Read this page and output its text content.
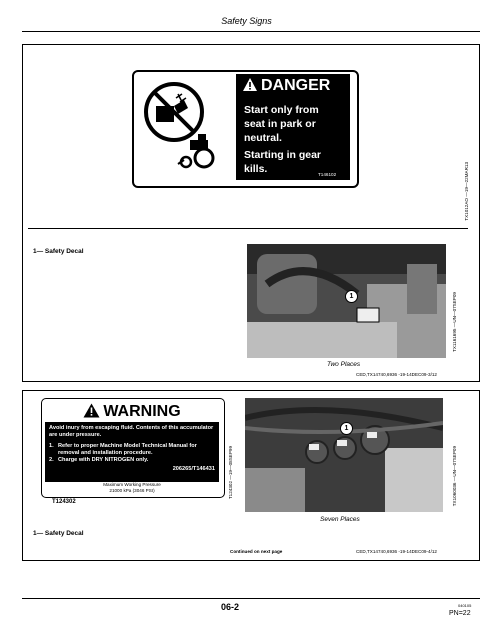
Safety Signs
DANGER
Start only from
seat in park or
neutral.
Starting in gear
kills.	T146102	TX1012AO —19—22MAR13
1— Safety Decal
1	TX1161695 —UN—07SEP09
Two Places
CED,TX14740,6936 -19-14DEC09-3/12
WARNING
Avoid inury from escaping fluid. Contents of this accumulator are under pressure.
1. Refer to proper Machine Model Technical Manual for removal and installation procedure.
2. Charge with DRY NITROGEN only.
206265/T146431
Maximum Working Pressure
21000 kPa (3046 PSI)
T124302
T124302 —19—08SEP99
1
TX1060036 —UN—07SEP09
Seven Places
1— Safety Decal
Continued on next page	CED,TX14740,6936 -19-14DEC09-4/12
06-2	040105
PN=22
